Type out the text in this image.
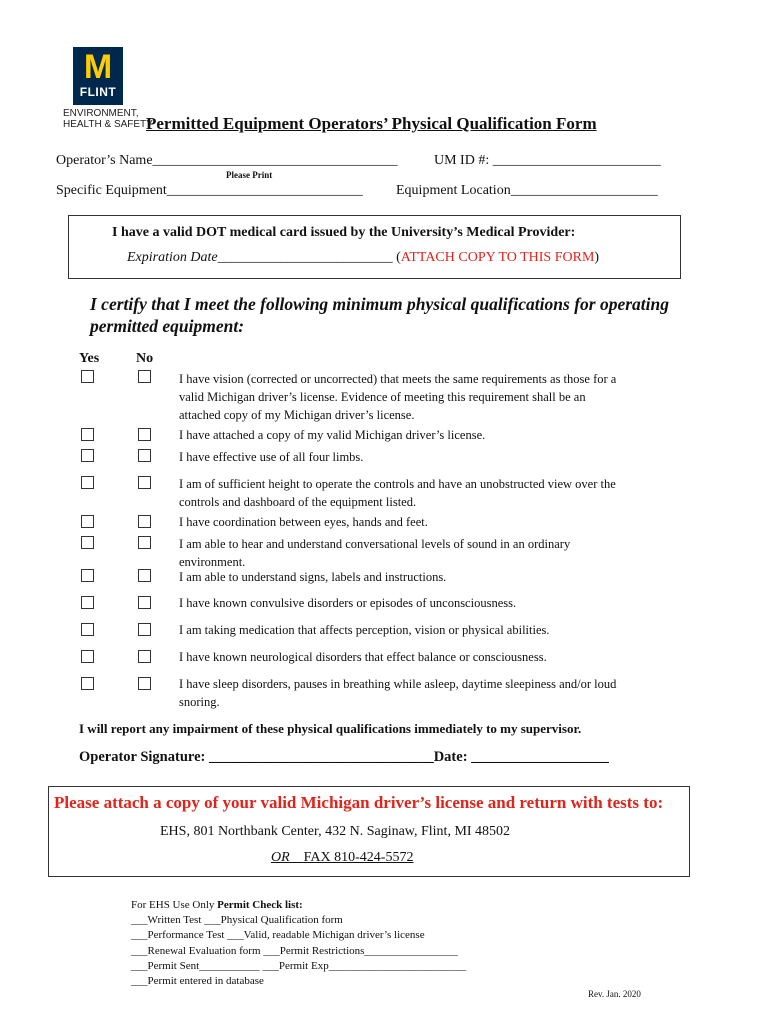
M
FLINT
ENVIRONMENT,
HEALTH & SAFETY
Permitted Equipment Operators’ Physical Qualification Form
Operator’s Name___________________________________
Please Print
UM ID #: ________________________
Specific Equipment____________________________ Equipment Location_____________________
I have a valid DOT medical card issued by the University’s Medical Provider:
Expiration Date_________________________ (ATTACH COPY TO THIS FORM)
I certify that I meet the following minimum physical qualifications for operating permitted equipment:
Yes	No
I have vision (corrected or uncorrected) that meets the same requirements as those for a valid Michigan driver’s license. Evidence of meeting this requirement shall be an attached copy of my Michigan driver’s license.
I have attached a copy of my valid Michigan driver’s license.
I have effective use of all four limbs.
I am of sufficient height to operate the controls and have an unobstructed view over the controls and dashboard of the equipment listed.
I have coordination between eyes, hands and feet.
I am able to hear and understand conversational levels of sound in an ordinary environment.
I am able to understand signs, labels and instructions.
I have known convulsive disorders or episodes of unconsciousness.
I am taking medication that affects perception, vision or physical abilities.
I have known neurological disorders that effect balance or consciousness.
I have sleep disorders, pauses in breathing while asleep, daytime sleepiness and/or loud snoring.
I will report any impairment of these physical qualifications immediately to my supervisor.
Operator Signature: _______________________________Date: ___________________
Please attach a copy of your valid Michigan driver’s license and return with tests to:
EHS, 801 Northbank Center, 432 N. Saginaw, Flint, MI 48502
OR FAX 810-424-5572
For EHS Use Only Permit Check list:
___Written Test ___Physical Qualification form
___Performance Test ___Valid, readable Michigan driver’s license
___Renewal Evaluation form ___Permit Restrictions_________________
___Permit Sent___________ ___Permit Exp_________________________
___Permit entered in database
Rev. Jan. 2020
